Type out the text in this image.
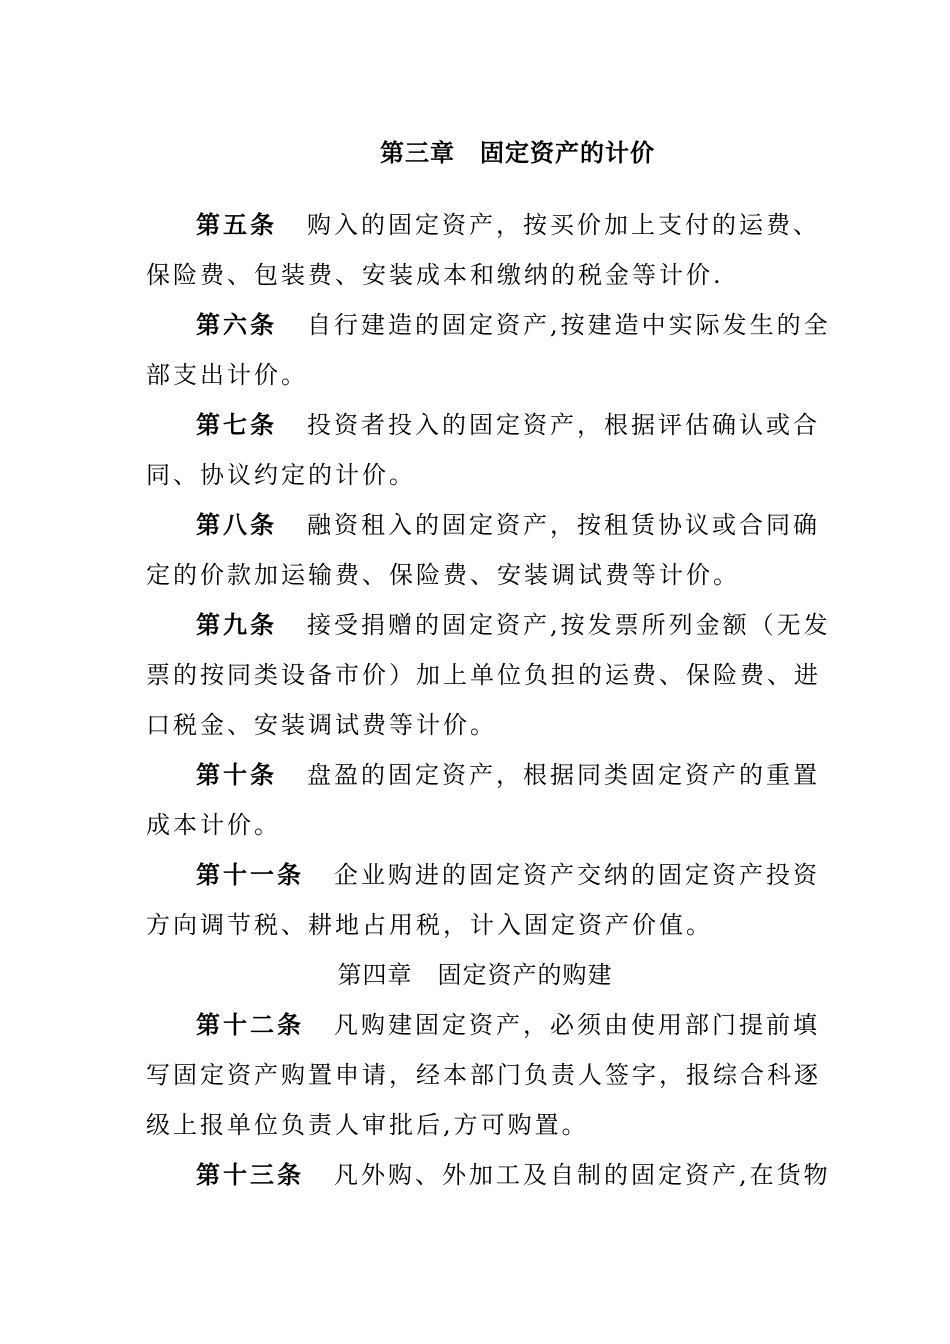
第三章　固定资产的计价
第五条 购入的固定资产，按买价加上支付的运费、
保险费、包装费、安装成本和缴纳的税金等计价.
第六条 自行建造的固定资产,按建造中实际发生的全
部支出计价。
第七条 投资者投入的固定资产，根据评估确认或合
同、协议约定的计价。
第八条 融资租入的固定资产，按租赁协议或合同确
定的价款加运输费、保险费、安装调试费等计价。
第九条 接受捐赠的固定资产,按发票所列金额（无发
票的按同类设备市价）加上单位负担的运费、保险费、进
口税金、安装调试费等计价。
第十条 盘盈的固定资产，根据同类固定资产的重置
成本计价。
第十一条 企业购进的固定资产交纳的固定资产投资
方向调节税、耕地占用税，计入固定资产价值。
第四章　固定资产的购建
第十二条 凡购建固定资产，必须由使用部门提前填
写固定资产购置申请，经本部门负责人签字，报综合科逐
级上报单位负责人审批后,方可购置。
第十三条 凡外购、外加工及自制的固定资产,在货物
